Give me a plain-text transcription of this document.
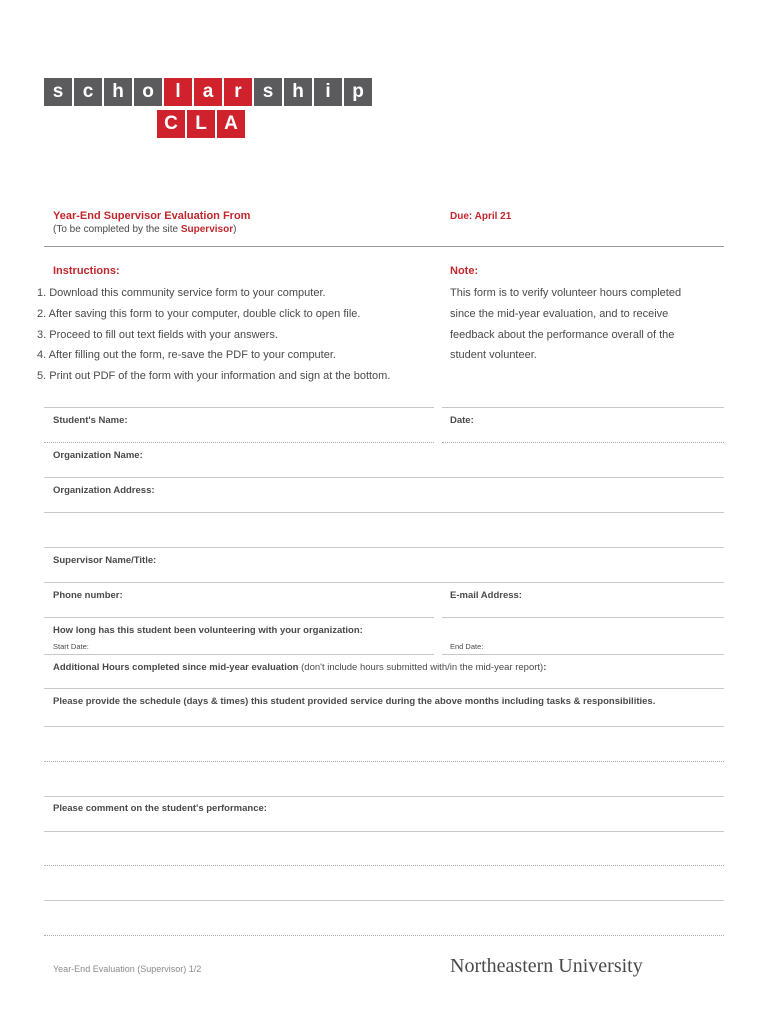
s	c h o	l	a	r	s h	i	p
C L A
Year-End Supervisor Evaluation From
(To be completed by the site Supervisor)
Due: April 21
Instructions:
1. Download this community service form to your computer.
2. After saving this form to your computer, double click to open file.
3. Proceed to fill out text fields with your answers.
4. After filling out the form, re-save the PDF to your computer.
5. Print out PDF of the form with your information and sign at the bottom.
Note:
This form is to verify volunteer hours completed
since the mid-year evaluation, and to receive
feedback about the performance overall of the
student volunteer.
Student's Name:	Date:
Organization Name:
Organization Address:
Supervisor Name/Title:
Phone number:	E-mail Address:
How long has this student been volunteering with your organization:
Start Date:	End Date:
Additional Hours completed since mid-year evaluation (don't include hours submitted with/in the mid-year report):
Please provide the schedule (days & times) this student provided service during the above months including tasks & responsibilities.
Please comment on the student's performance:
Year-End Evaluation (Supervisor) 1/2	Northeastern University
